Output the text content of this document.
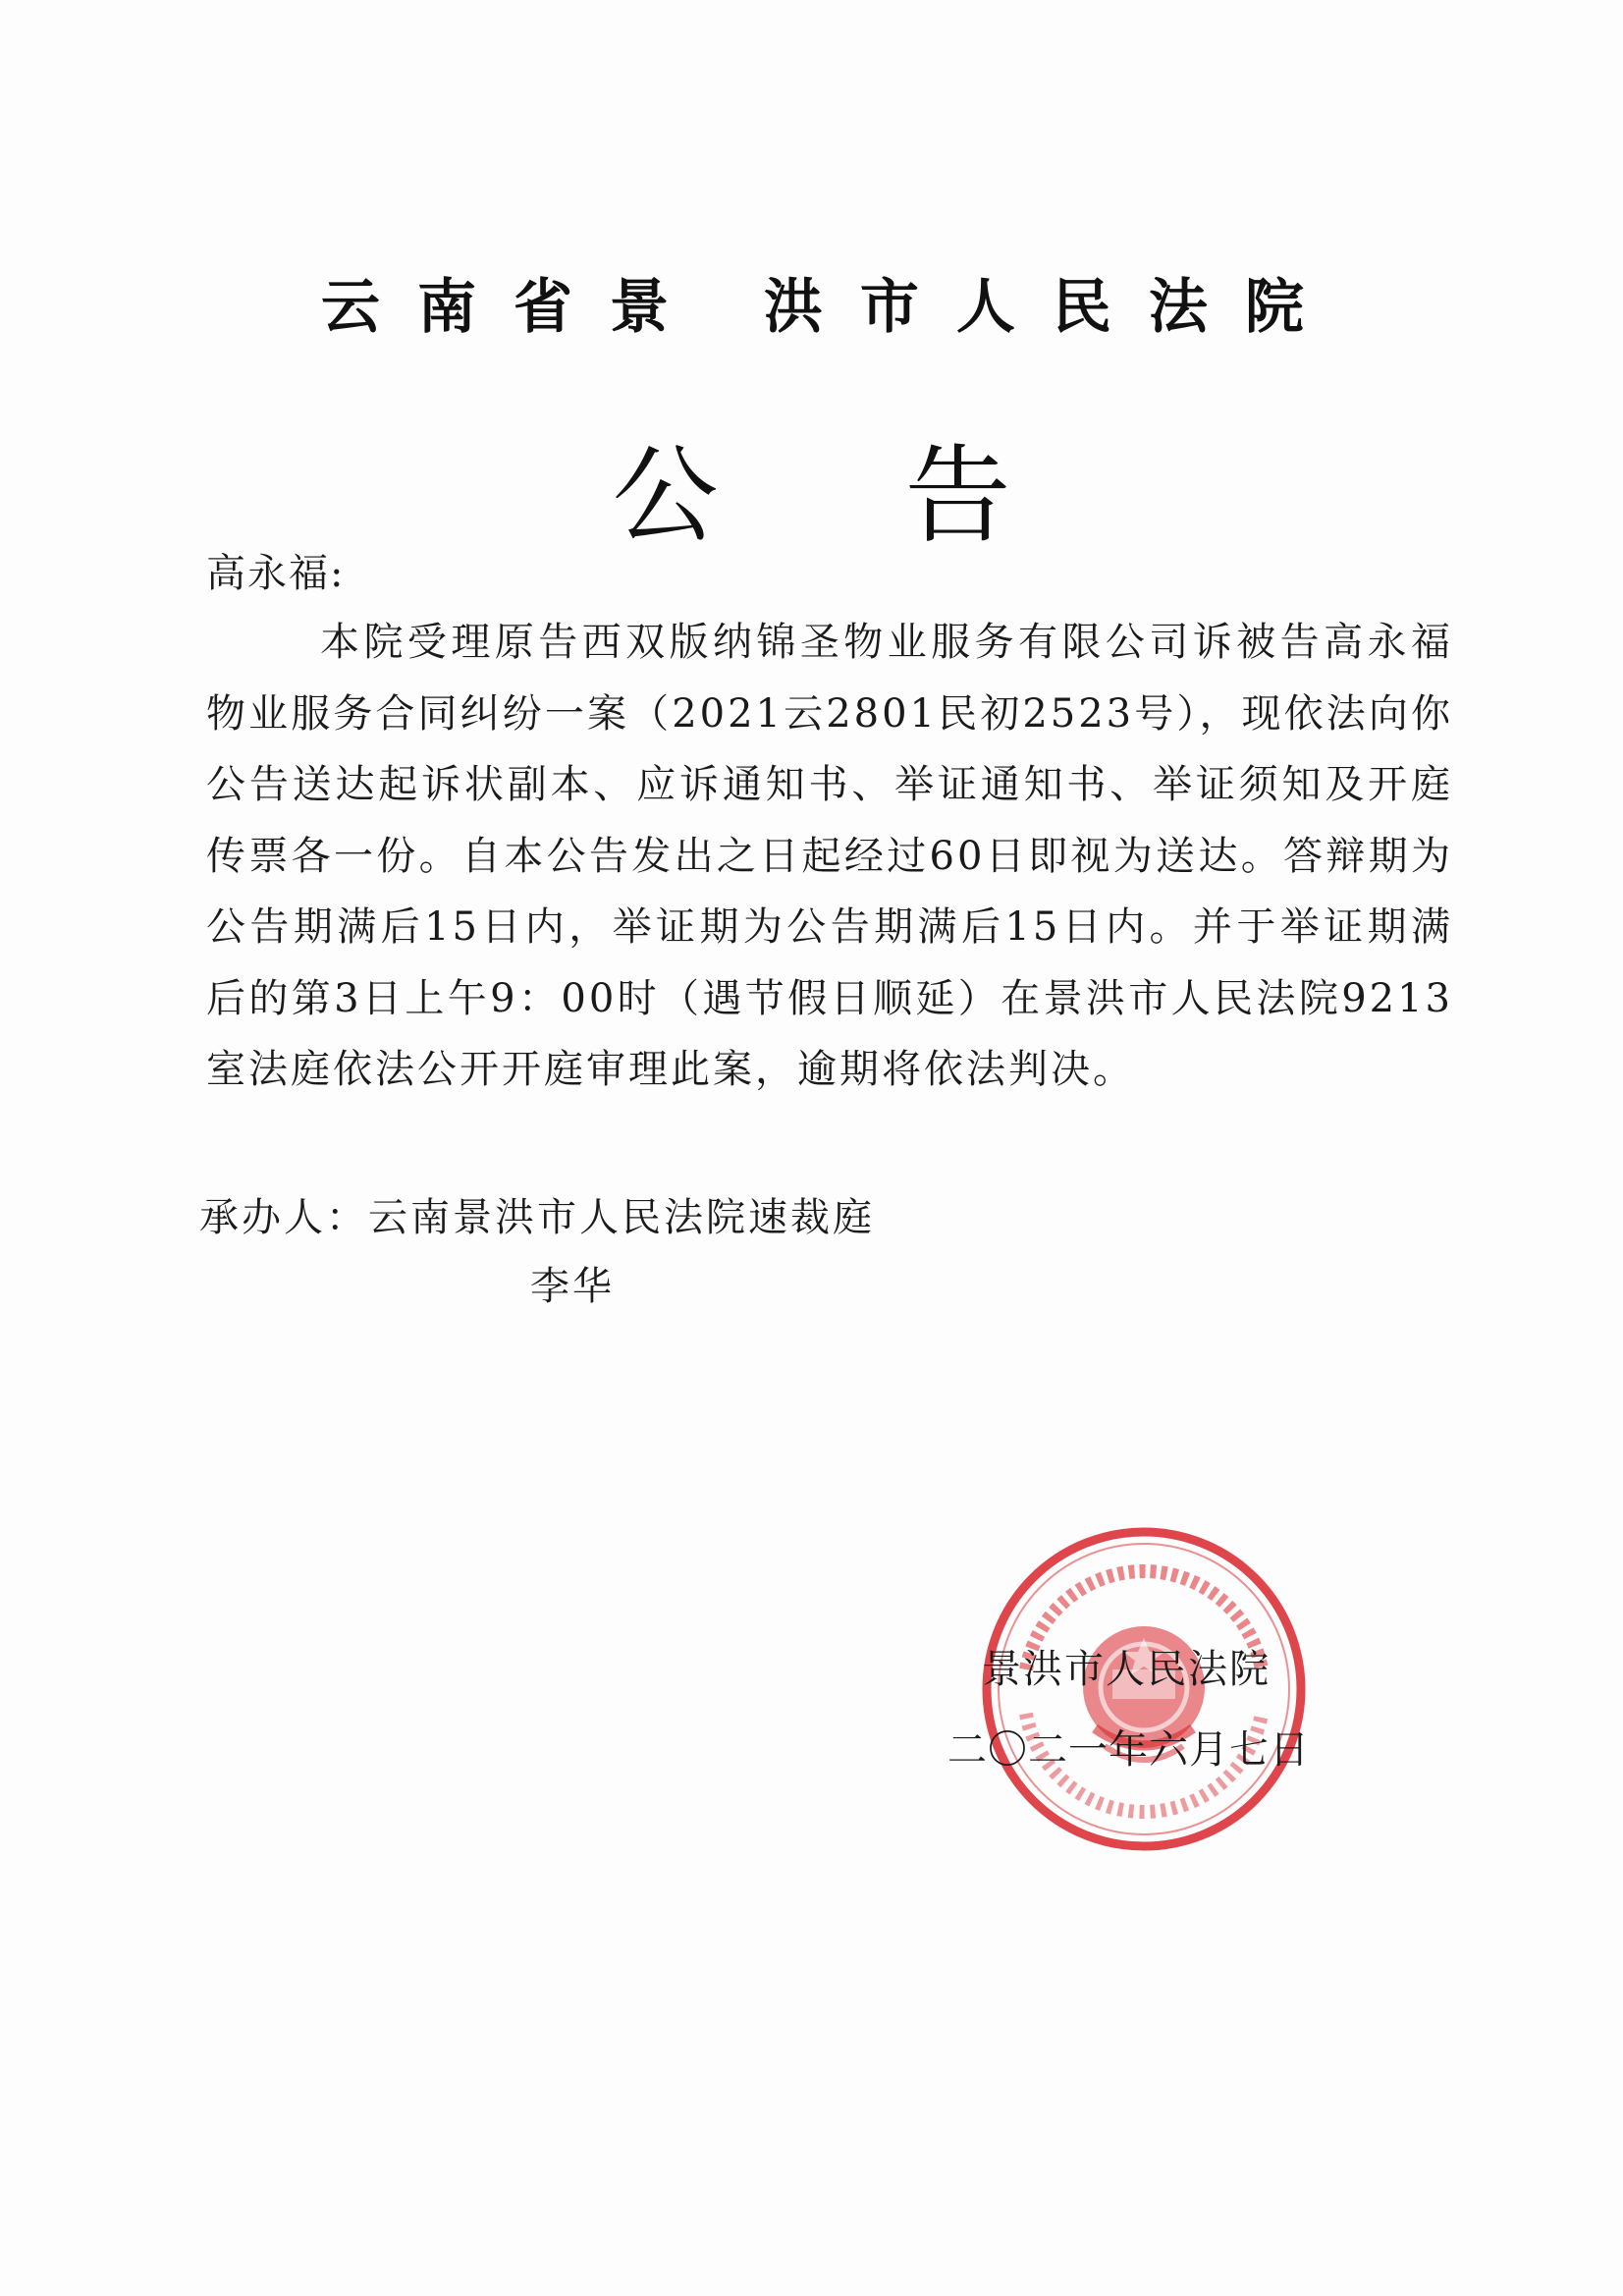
云南省景 洪市人民法院
公告
高永福:

本院受理原告西双版纳锦圣物业服务有限公司诉被告高永福物业服务合同纠纷一案（2021云2801民初2523号），现依法向你公告送达起诉状副本、应诉通知书、举证通知书、举证须知及开庭传票各一份。自本公告发出之日起经过60日即视为送达。答辩期为公告期满后15日内，举证期为公告期满后15日内。并于举证期满后的第3日上午9：00时（遇节假日顺延）在景洪市人民法院9213室法庭依法公开开庭审理此案，逾期将依法判决。

承办人：云南景洪市人民法院速裁庭
李华
景洪市人民法院
二〇二一年六月七日
